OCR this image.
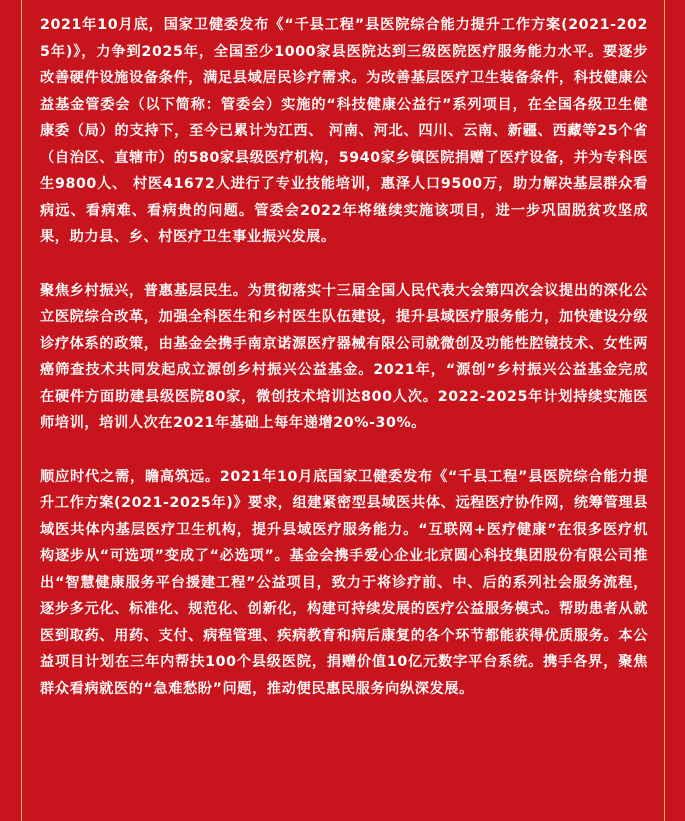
2021年10月底，国家卫健委发布《“千县工程”县医院综合能力提升工作方案(2021-2025年)》，力争到2025年，全国至少1000家县医院达到三级医院医疗服务能力水平。要逐步改善硬件设施设备条件，满足县域居民诊疗需求。为改善基层医疗卫生装备条件，科技健康公益基金管委会（以下简称：管委会）实施的“科技健康公益行”系列项目，在全国各级卫生健康委（局）的支持下，至今已累计为江西、 河南、河北、四川、云南、新疆、西藏等25个省（自治区、直辖市）的580家县级医疗机构，5940家乡镇医院捐赠了医疗设备，并为专科医生9800人、 村医41672人进行了专业技能培训，惠泽人口9500万，助力解决基层群众看病远、看病难、看病贵的问题。管委会2022年将继续实施该项目，进一步巩固脱贫攻坚成果，助力县、乡、村医疗卫生事业振兴发展。

聚焦乡村振兴，普惠基层民生。为贯彻落实十三届全国人民代表大会第四次会议提出的深化公立医院综合改革，加强全科医生和乡村医生队伍建设，提升县域医疗服务能力，加快建设分级诊疗体系的政策，由基金会携手南京诺源医疗器械有限公司就微创及功能性腔镜技术、女性两癌筛查技术共同发起成立源创乡村振兴公益基金。2021年，“源创”乡村振兴公益基金完成在硬件方面助建县级医院80家，微创技术培训达800人次。2022-2025年计划持续实施医师培训，培训人次在2021年基础上每年递增20%-30%。

顺应时代之需，瞻高筑远。2021年10月底国家卫健委发布《“千县工程”县医院综合能力提升工作方案(2021-2025年)》要求，组建紧密型县域医共体、远程医疗协作网，统筹管理县域医共体内基层医疗卫生机构，提升县域医疗服务能力。“互联网+医疗健康”在很多医疗机构逐步从“可选项”变成了“必选项”。基金会携手爱心企业北京圆心科技集团股份有限公司推出“智慧健康服务平台援建工程”公益项目，致力于将诊疗前、中、后的系列社会服务流程，逐步多元化、标准化、规范化、创新化，构建可持续发展的医疗公益服务模式。帮助患者从就医到取药、用药、支付、病程管理、疾病教育和病后康复的各个环节都能获得优质服务。本公益项目计划在三年内帮扶100个县级医院，捐赠价值10亿元数字平台系统。携手各界，聚焦群众看病就医的“急难愁盼”问题，推动便民惠民服务向纵深发展。
